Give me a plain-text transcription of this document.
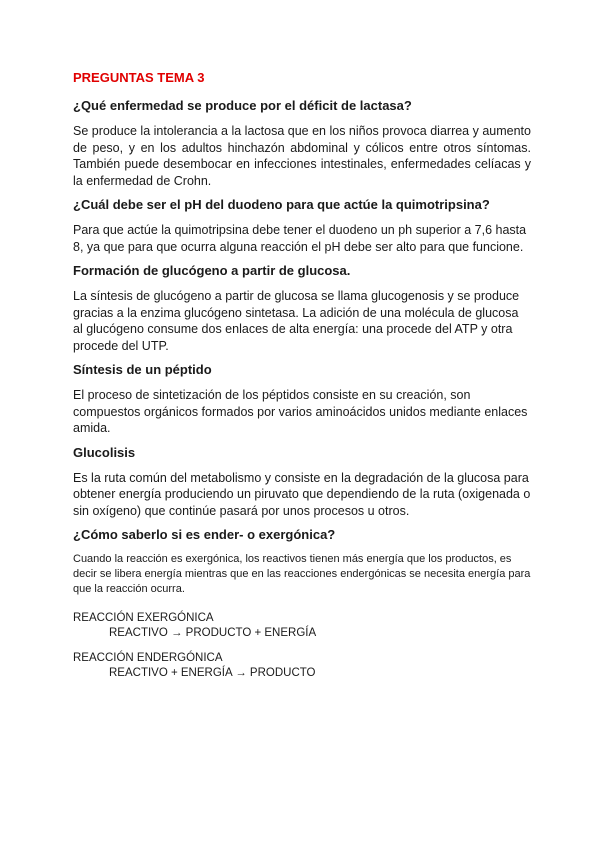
PREGUNTAS TEMA 3
¿Qué enfermedad se produce por el déficit de lactasa?
Se produce la intolerancia a la lactosa que en los niños provoca diarrea y aumento de peso, y en los adultos hinchazón abdominal y cólicos entre otros síntomas. También puede desembocar en infecciones intestinales, enfermedades celíacas y la enfermedad de Crohn.
¿Cuál debe ser el pH del duodeno para que actúe la quimotripsina?
Para que actúe la quimotripsina debe tener el duodeno un ph superior a 7,6 hasta 8, ya que para que ocurra alguna reacción el pH debe ser alto para que funcione.
Formación de glucógeno a partir de glucosa.
La síntesis de glucógeno a partir de glucosa se llama glucogenosis y se produce gracias a la enzima glucógeno sintetasa. La adición de una molécula de glucosa al glucógeno consume dos enlaces de alta energía: una procede del ATP y otra procede del UTP.
Síntesis de un péptido
El proceso de sintetización de los péptidos consiste en su creación, son compuestos orgánicos formados por varios aminoácidos unidos mediante enlaces amida.
Glucolisis
Es la ruta común del metabolismo y consiste en la degradación de la glucosa para obtener energía produciendo un piruvato que dependiendo de la ruta (oxigenada o sin oxígeno) que continúe pasará por unos procesos u otros.
¿Cómo saberlo si es ender- o exergónica?
Cuando la reacción es exergónica, los reactivos tienen más energía que los productos, es decir se libera energía mientras que en las reacciones endergónicas se necesita energía para que la reacción ocurra.
REACCIÓN EXERGÓNICA
REACTIVO → PRODUCTO + ENERGÍA
REACCIÓN ENDERGÓNICA
REACTIVO + ENERGÍA → PRODUCTO
